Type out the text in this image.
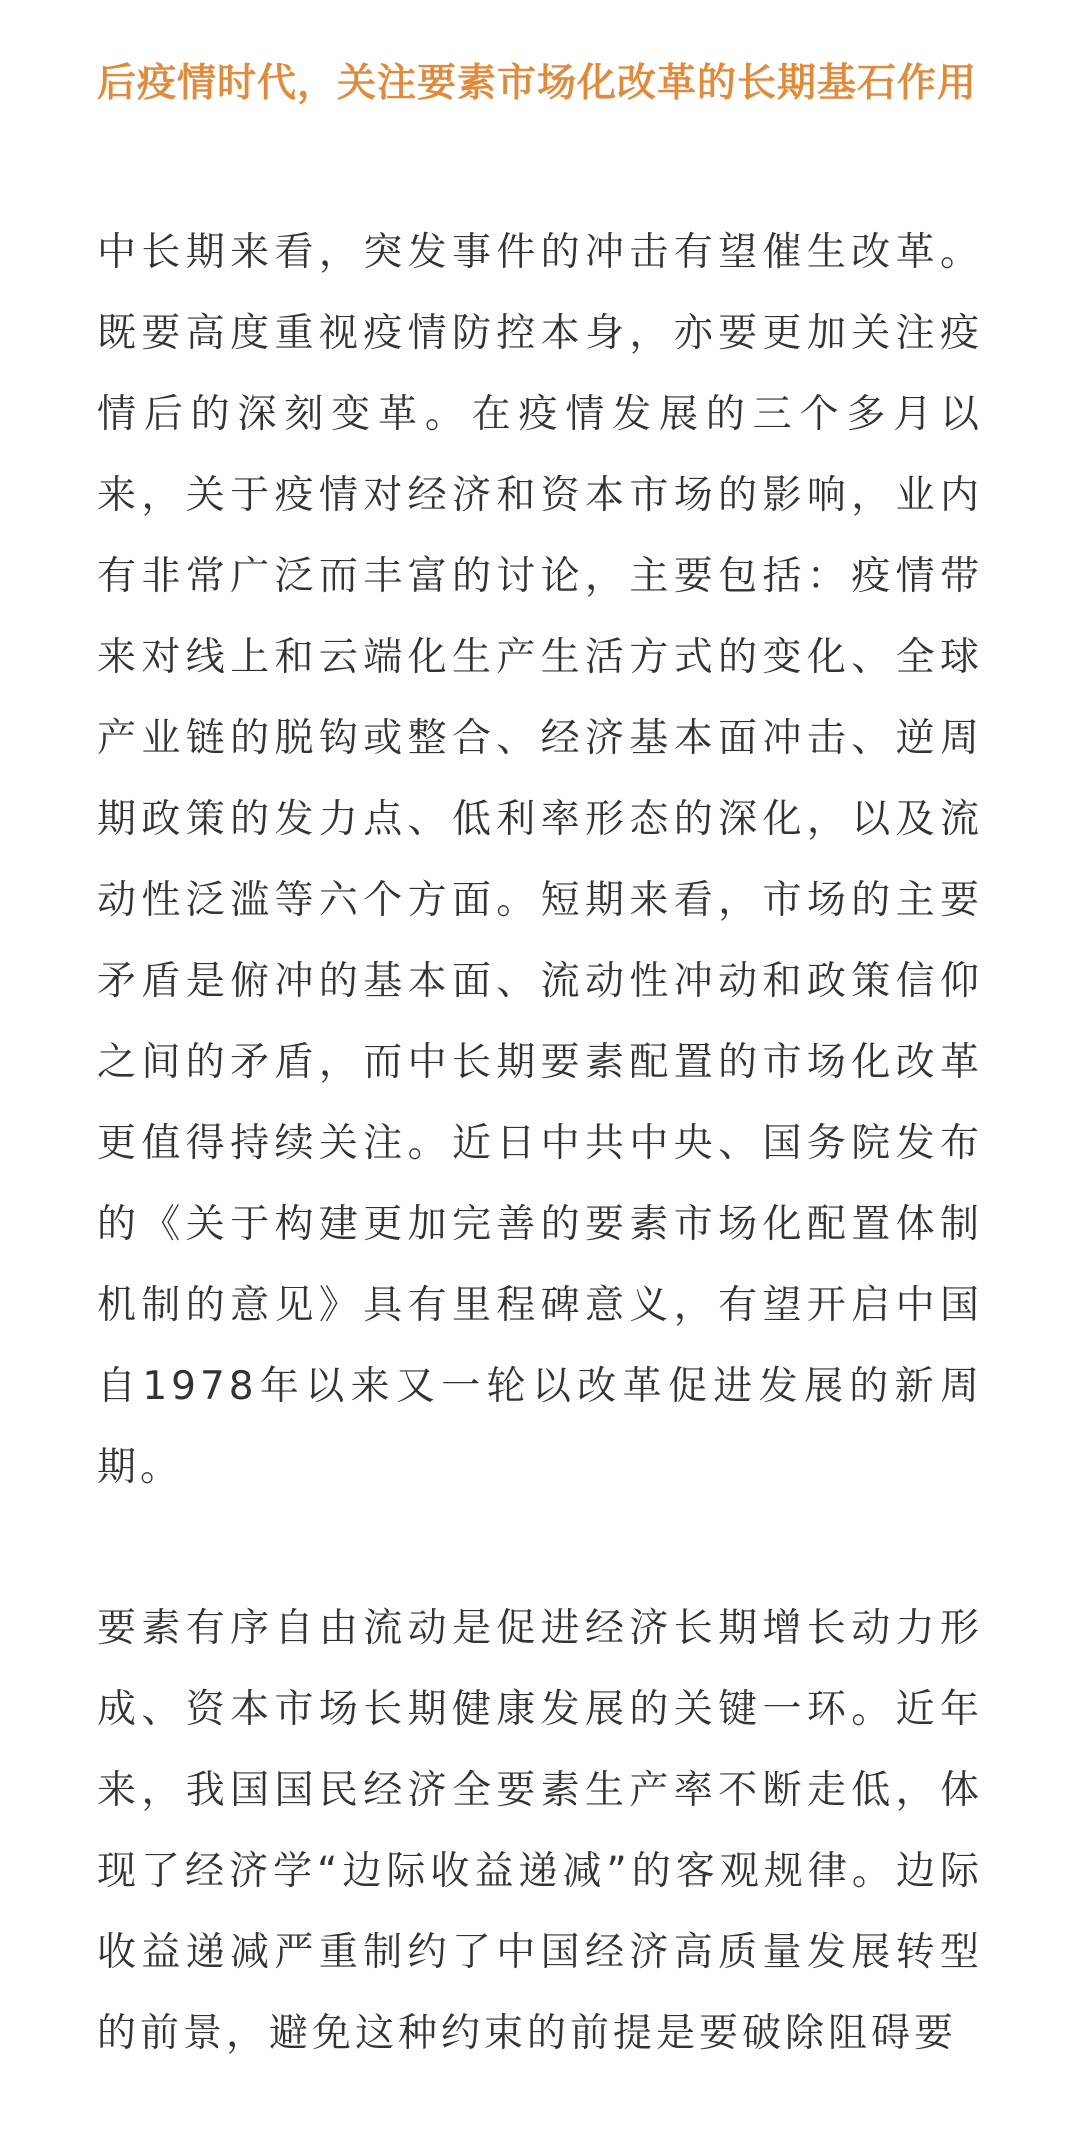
后疫情时代，关注要素市场化改革的长期基石作用

中长期来看，突发事件的冲击有望催生改革。既要高度重视疫情防控本身，亦要更加关注疫情后的深刻变革。在疫情发展的三个多月以来，关于疫情对经济和资本市场的影响，业内有非常广泛而丰富的讨论，主要包括：疫情带来对线上和云端化生产生活方式的变化、全球产业链的脱钩或整合、经济基本面冲击、逆周期政策的发力点、低利率形态的深化，以及流动性泛滥等六个方面。短期来看，市场的主要矛盾是俯冲的基本面、流动性冲动和政策信仰之间的矛盾，而中长期要素配置的市场化改革更值得持续关注。近日中共中央、国务院发布的《关于构建更加完善的要素市场化配置体制机制的意见》具有里程碑意义，有望开启中国自1978年以来又一轮以改革促进发展的新周期。

要素有序自由流动是促进经济长期增长动力形成、资本市场长期健康发展的关键一环。近年来，我国国民经济全要素生产率不断走低，体现了经济学“边际收益递减”的客观规律。边际收益递减严重制约了中国经济高质量发展转型的前景，避免这种约束的前提是要破除阻碍要
